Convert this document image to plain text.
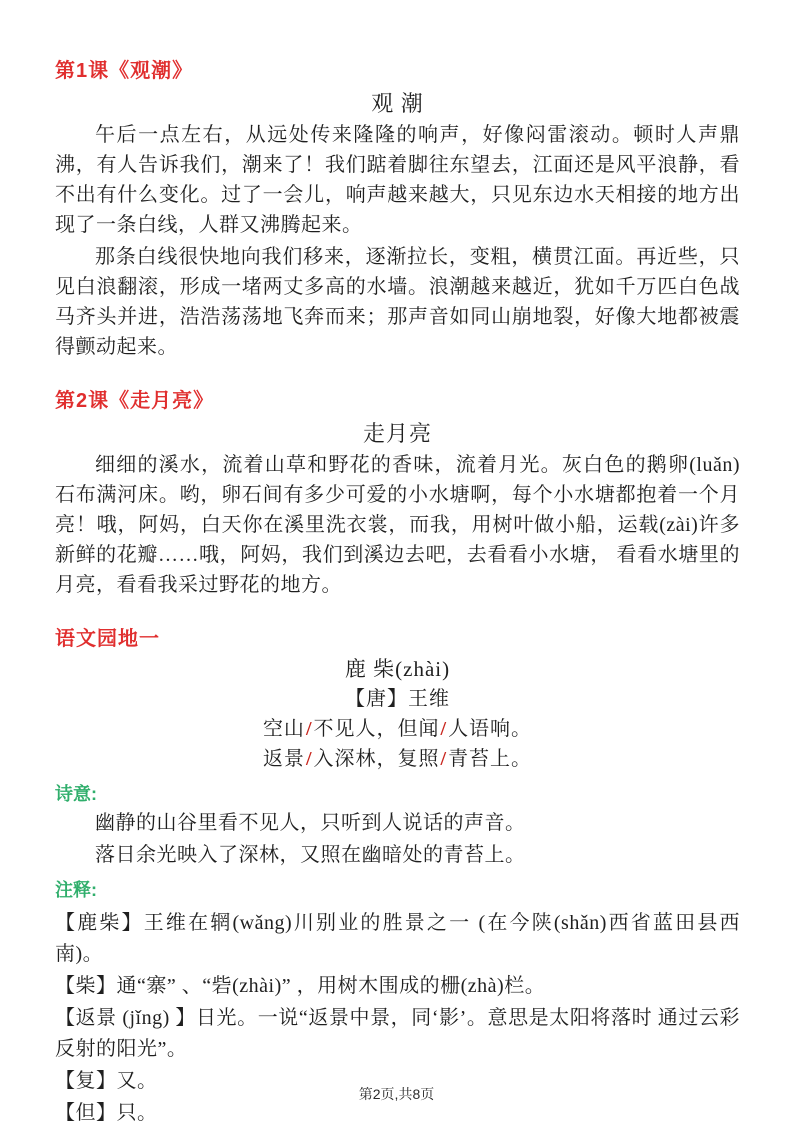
第1课《观潮》
观 潮

午后一点左右，从远处传来隆隆的响声，好像闷雷滚动。顿时人声鼎沸，有人告诉我们，潮来了！我们踮着脚往东望去，江面还是风平浪静，看不出有什么变化。过了一会儿，响声越来越大，只见东边水天相接的地方出现了一条白线，人群又沸腾起来。

那条白线很快地向我们移来，逐渐拉长，变粗，横贯江面。再近些，只见白浪翻滚，形成一堵两丈多高的水墙。浪潮越来越近，犹如千万匹白色战马齐头并进，浩浩荡荡地飞奔而来；那声音如同山崩地裂，好像大地都被震得颤动起来。

第2课《走月亮》
走月亮

细细的溪水，流着山草和野花的香味，流着月光。灰白色的鹅卵(luǎn)石布满河床。哟，卵石间有多少可爱的小水塘啊，每个小水塘都抱着一个月亮！哦，阿妈，白天你在溪里洗衣裳，而我，用树叶做小船，运载(zài)许多新鲜的花瓣……哦，阿妈，我们到溪边去吧，去看看小水塘， 看看水塘里的月亮，看看我采过野花的地方。

语文园地一
鹿 柴(zhài)
【唐】王维
空山/不见人，但闻/人语响。
返景/入深林，复照/青苔上。
诗意:

幽静的山谷里看不见人，只听到人说话的声音。

落日余光映入了深林，又照在幽暗处的青苔上。

注释:

【鹿柴】王维在辋(wǎng)川别业的胜景之一 (在今陕(shǎn)西省蓝田县西南)。

【柴】通“寨” 、“砦(zhài)” ，用树木围成的栅(zhà)栏。

【返景 (jǐng) 】日光。一说“返景中景，同‘影’。意思是太阳将落时 通过云彩反射的阳光”。

【复】又。

【但】只。

第2页,共8页
